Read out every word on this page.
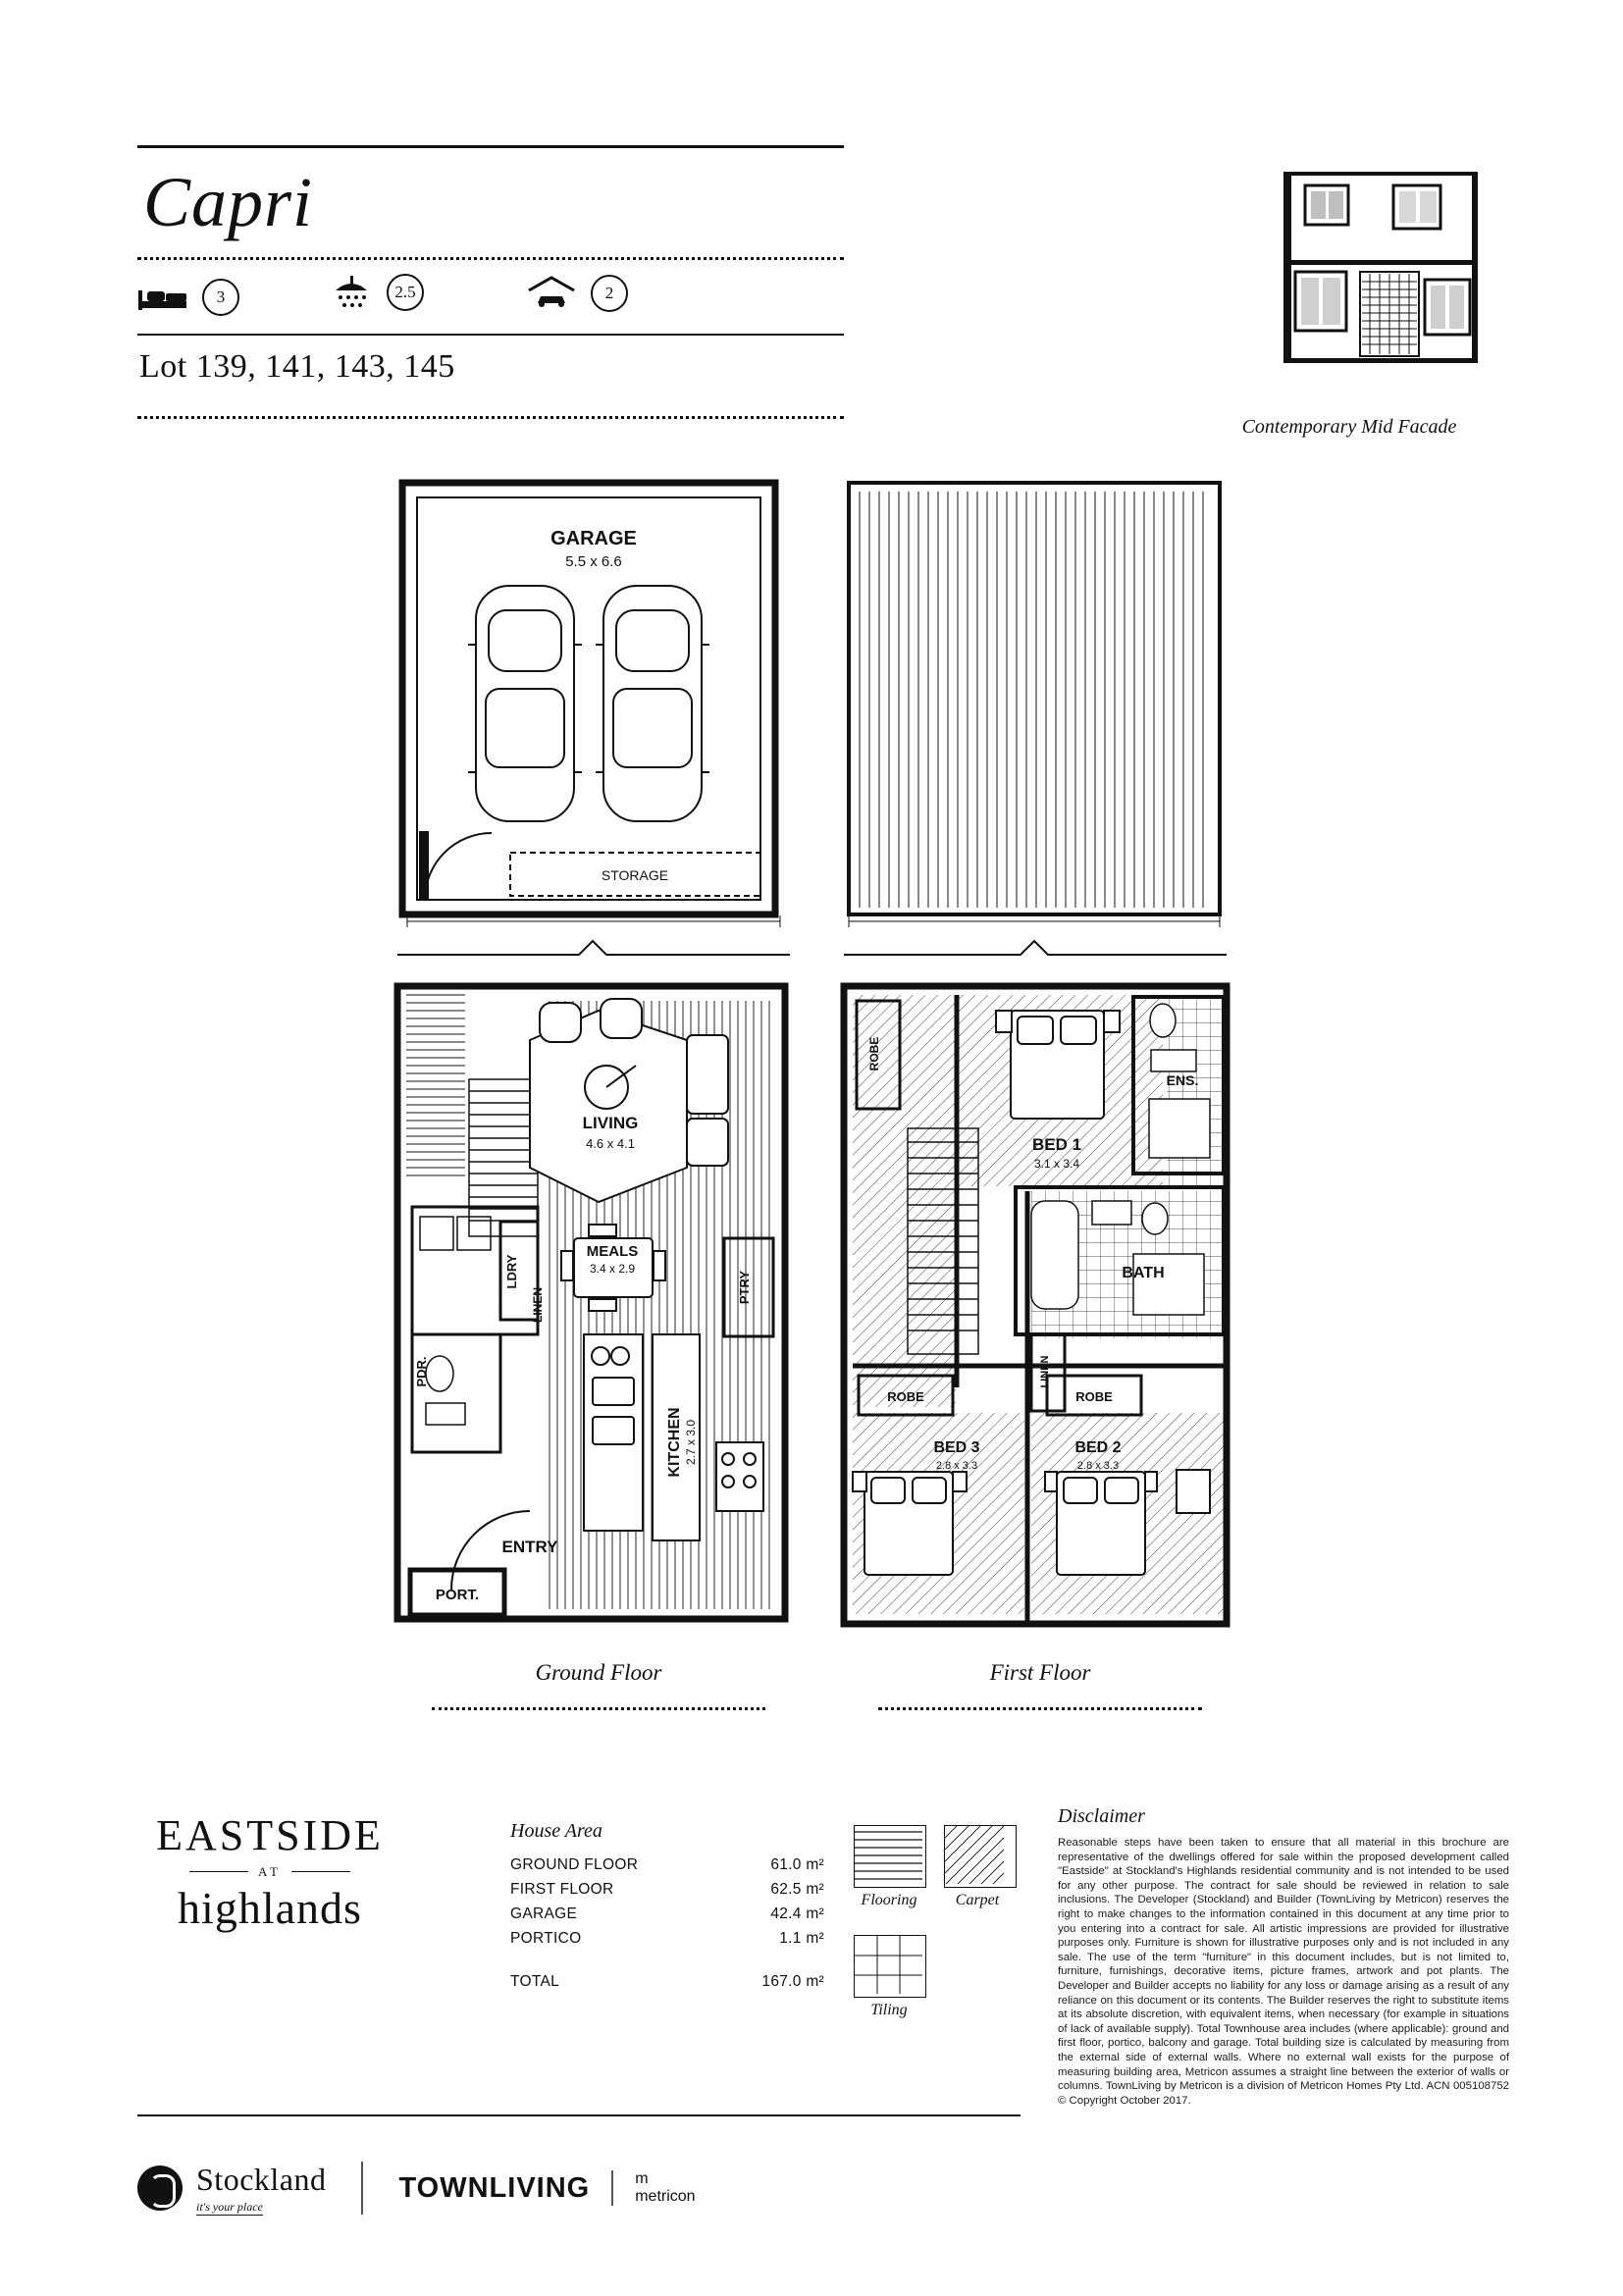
Capri
3	2.5	2
Lot 139, 141, 143, 145
Contemporary Mid Facade
GARAGE
5.5 x 6.6
STORAGE
LIVING
4.6 x 4.1
MEALS
3.4 x 2.9
KITCHEN 2.7 x 3.0
PTRY
LDRY
LINEN
PDR.
ENTRY
PORT.
BED 1
3.1 x 3.4
ROBE
ENS.
BATH
LINEN
ROBE	ROBE
BED 3
2.8 x 3.3
BED 2
2.8 x 3.3
Ground Floor	First Floor
EASTSIDE
AT
highlands
House Area
GROUND FLOOR	61.0 m²
FIRST FLOOR	62.5 m²
GARAGE	42.4 m²
PORTICO	1.1 m²
TOTAL	167.0 m²
Flooring	Carpet
Tiling
Disclaimer

Reasonable steps have been taken to ensure that all material in this brochure are representative of the dwellings offered for sale within the proposed development called "Eastside" at Stockland's Highlands residential community and is not intended to be used for any other purpose. The contract for sale should be reviewed in relation to sale inclusions. The Developer (Stockland) and Builder (TownLiving by Metricon) reserves the right to make changes to the information contained in this document at any time prior to you entering into a contract for sale. All artistic impressions are provided for illustrative purposes only. Furniture is shown for illustrative purposes only and is not included in any sale. The use of the term "furniture" in this document includes, but is not limited to, furniture, furnishings, decorative items, picture frames, artwork and pot plants. The Developer and Builder accepts no liability for any loss or damage arising as a result of any reliance on this document or its contents. The Builder reserves the right to substitute items at its absolute discretion, with equivalent items, when necessary (for example in situations of lack of available supply). Total Townhouse area includes (where applicable): ground and first floor, portico, balcony and garage. Total building size is calculated by measuring from the external side of external walls. Where no external wall exists for the purpose of measuring building area, Metricon assumes a straight line between the exterior of walls or columns. TownLiving by Metricon is a division of Metricon Homes Pty Ltd. ACN 005108752 © Copyright October 2017.

Stockland
it's your place
TOWNLIVING	m
metricon
